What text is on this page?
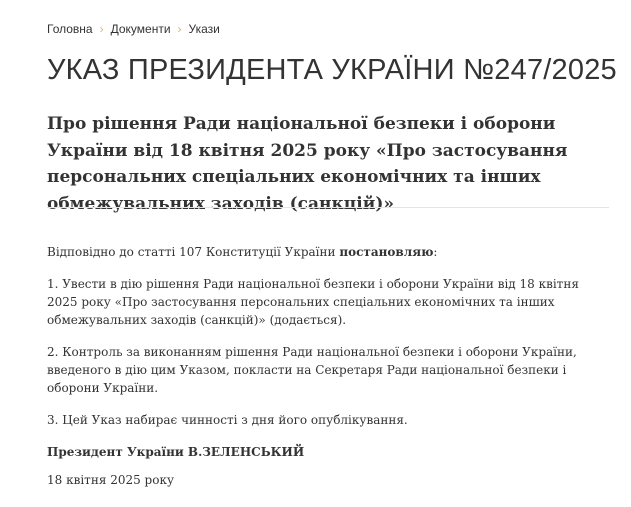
Головна › Документи › Укази
УКАЗ ПРЕЗИДЕНТА УКРАЇНИ №247/2025
Про рішення Ради національної безпеки і оборони України від 18 квітня 2025 року «Про застосування персональних спеціальних економічних та інших обмежувальних заходів (санкцій)»

Відповідно до статті 107 Конституції України постановляю:

1. Увести в дію рішення Ради національної безпеки і оборони України від 18 квітня 2025 року «Про застосування персональних спеціальних економічних та інших обмежувальних заходів (санкцій)» (додається).

2. Контроль за виконанням рішення Ради національної безпеки і оборони України, введеного в дію цим Указом, покласти на Секретаря Ради національної безпеки і оборони України.

3. Цей Указ набирає чинності з дня його опублікування.

Президент України В.ЗЕЛЕНСЬКИЙ

18 квітня 2025 року
